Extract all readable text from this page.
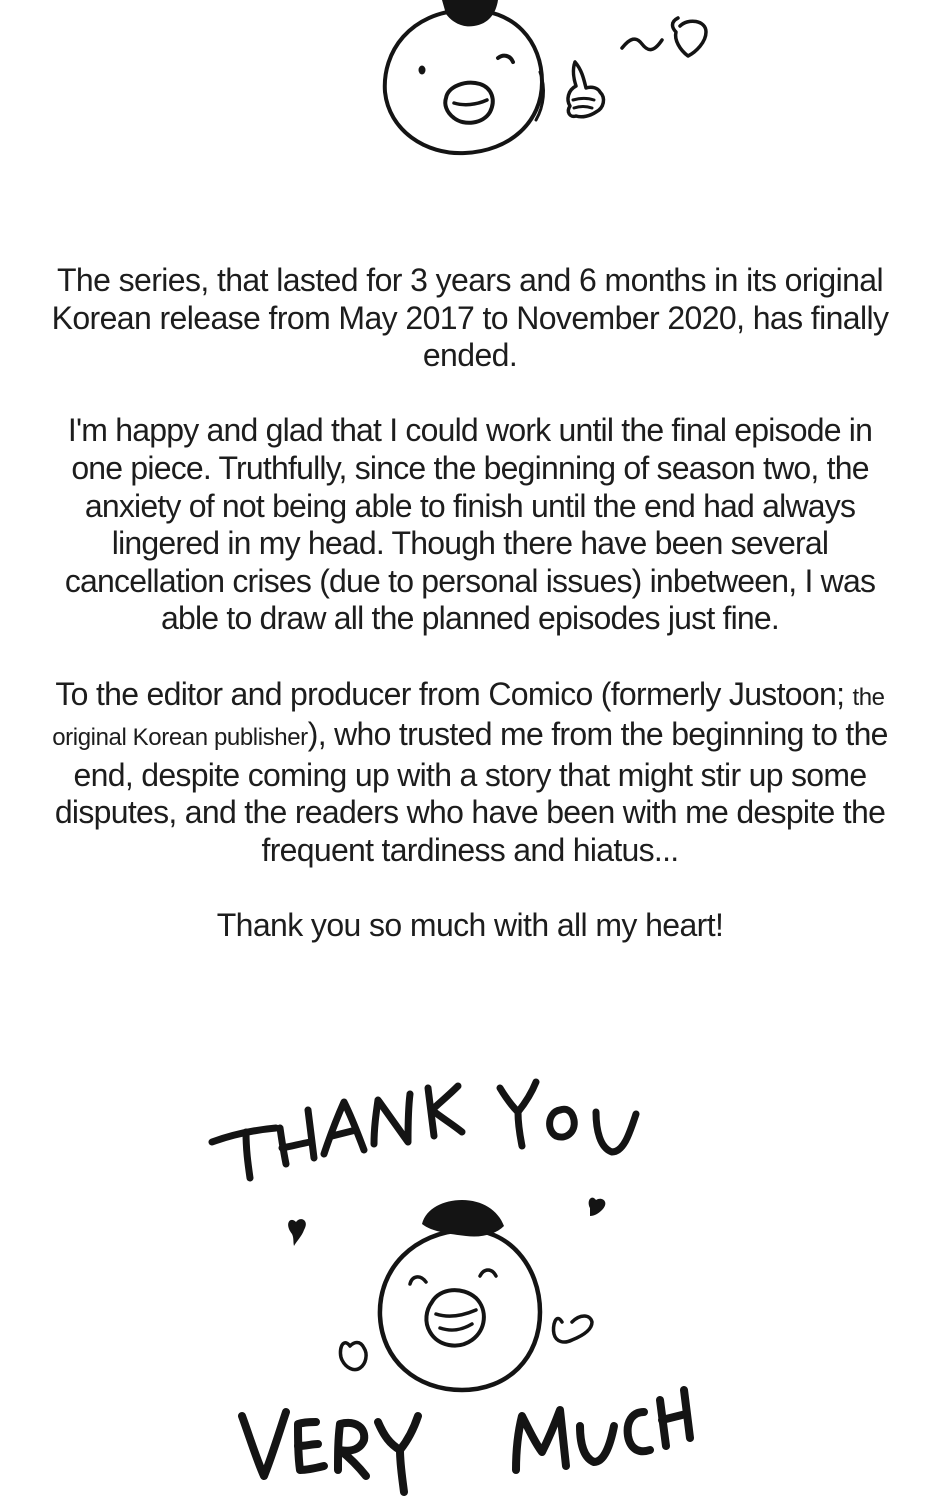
The series, that lasted for 3 years and 6 months in its original Korean release from May 2017 to November 2020, has finally ended.

I'm happy and glad that I could work until the final episode in one piece. Truthfully, since the beginning of season two, the anxiety of not being able to finish until the end had always lingered in my head. Though there have been several cancellation crises (due to personal issues) inbetween, I was able to draw all the planned episodes just fine.

To the editor and producer from Comico (formerly Justoon; the original Korean publisher), who trusted me from the beginning to the end, despite coming up with a story that might stir up some disputes, and the readers who have been with me despite the frequent tardiness and hiatus...

Thank you so much with all my heart!
